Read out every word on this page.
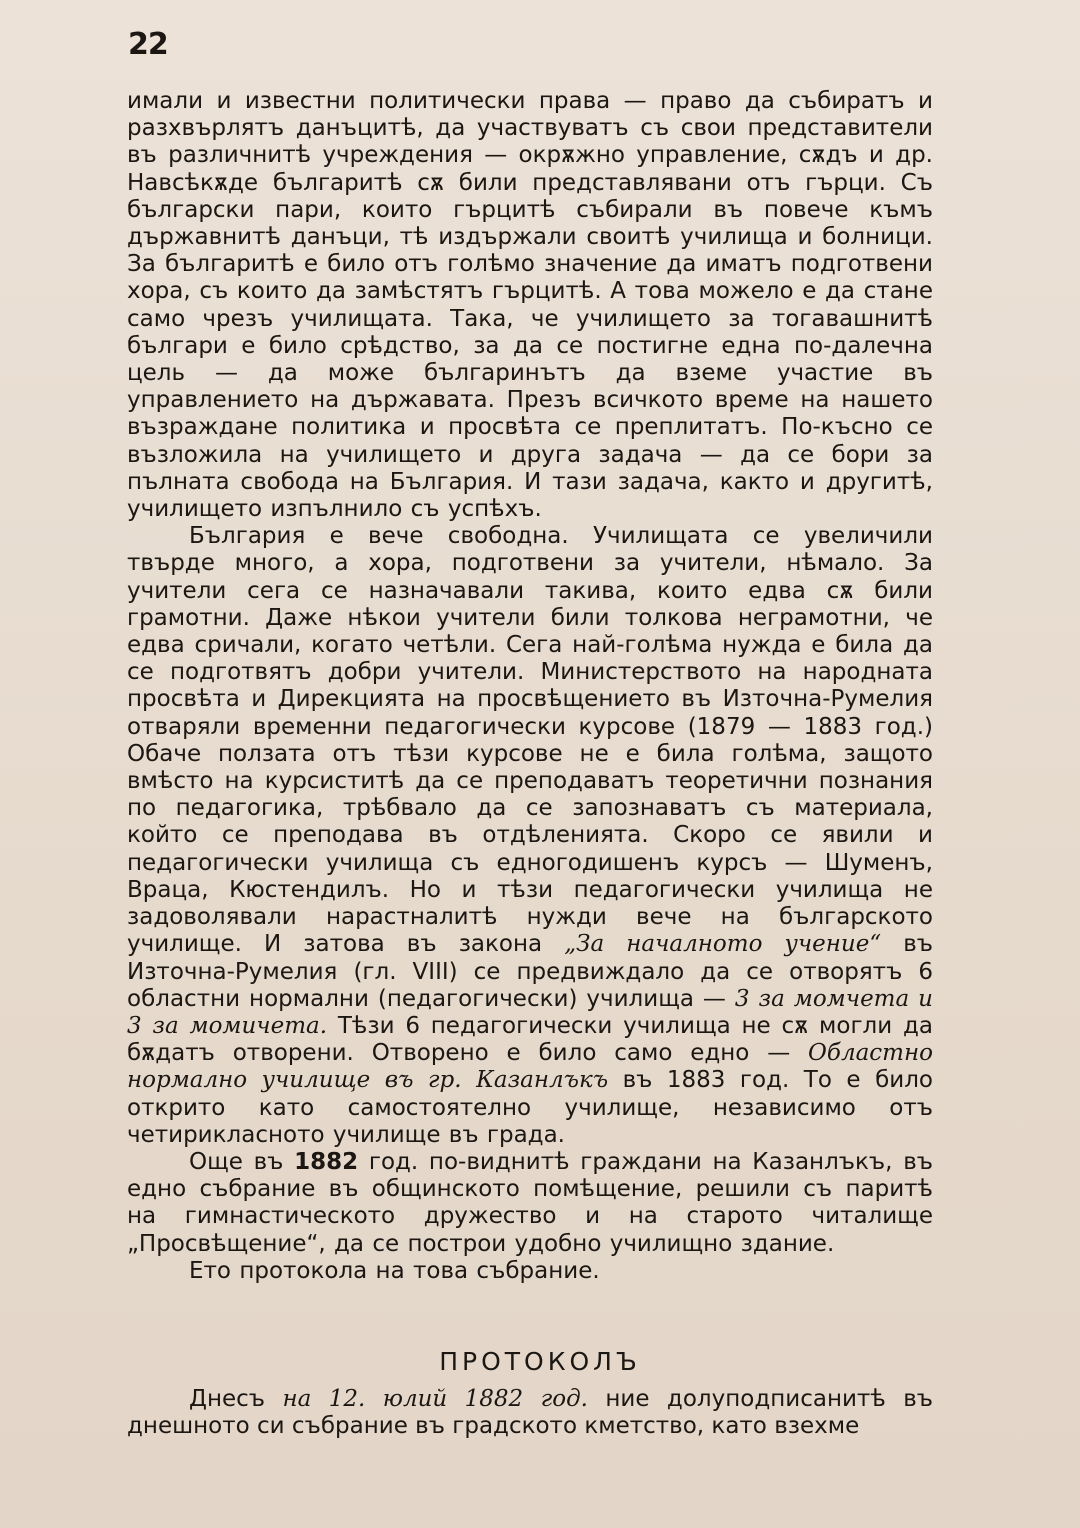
22

имали и известни политически права — право да събиратъ и разхвърлятъ данъцитѣ, да участвуватъ съ свои представители въ различнитѣ учреждения — окрѫжно управление, сѫдъ и др. Навсѣкѫде българитѣ сѫ били представлявани отъ гърци. Съ български пари, които гърцитѣ събирали въ повече къмъ държавнитѣ данъци, тѣ издържали своитѣ училища и болници. За българитѣ е било отъ голѣмо значение да иматъ подготвени хора, съ които да замѣстятъ гърцитѣ. А това можело е да стане само чрезъ училищата. Така, че училището за тогавашнитѣ българи е било срѣдство, за да се постигне една по-далечна цель — да може българинътъ да вземе участие въ управлението на държавата. Презъ всичкото време на нашето възраждане политика и просвѣта се преплитатъ. По-късно се възложила на училището и друга задача — да се бори за пълната свобода на България. И тази задача, както и другитѣ, училището изпълнило съ успѣхъ.

България е вече свободна. Училищата се увеличили твърде много, а хора, подготвени за учители, нѣмало. За учители сега се назначавали такива, които едва сѫ били грамотни. Даже нѣкои учители били толкова неграмотни, че едва сричали, когато четѣли. Сега най-голѣма нужда е била да се подготвятъ добри учители. Министерството на народната просвѣта и Дирекцията на просвѣщението въ Източна-Румелия отваряли временни педагогически курсове (1879 — 1883 год.) Обаче ползата отъ тѣзи курсове не е била голѣма, защото вмѣсто на курсиститѣ да се преподаватъ теоретични познания по педагогика, трѣбвало да се запознаватъ съ материала, който се преподава въ отдѣленията. Скоро се явили и педагогически училища съ едногодишенъ курсъ — Шуменъ, Враца, Кюстендилъ. Но и тѣзи педагогически училища не задоволявали нарастналитѣ нужди вече на българското училище. И затова въ закона „За началното учение“ въ Източна-Румелия (гл. VIII) се предвиждало да се отворятъ 6 областни нормални (педагогически) училища — 3 за момчета и 3 за момичета. Тѣзи 6 педагогически училища не сѫ могли да бѫдатъ отворени. Отворено е било само едно — Областно нормално училище въ гр. Казанлъкъ въ 1883 год. То е било открито като самостоятелно училище, независимо отъ четирикласното училище въ града.

Още въ 1882 год. по-виднитѣ граждани на Казанлъкъ, въ едно събрание въ общинското помѣщение, решили съ паритѣ на гимнастическото дружество и на старото читалище „Просвѣщение“, да се построи удобно училищно здание.

Ето протокола на това събрание.

ПРОТОКОЛЪ

Днесъ на 12. юлий 1882 год. ние долуподписанитѣ въ днешното си събрание въ градското кметство, като взехме
